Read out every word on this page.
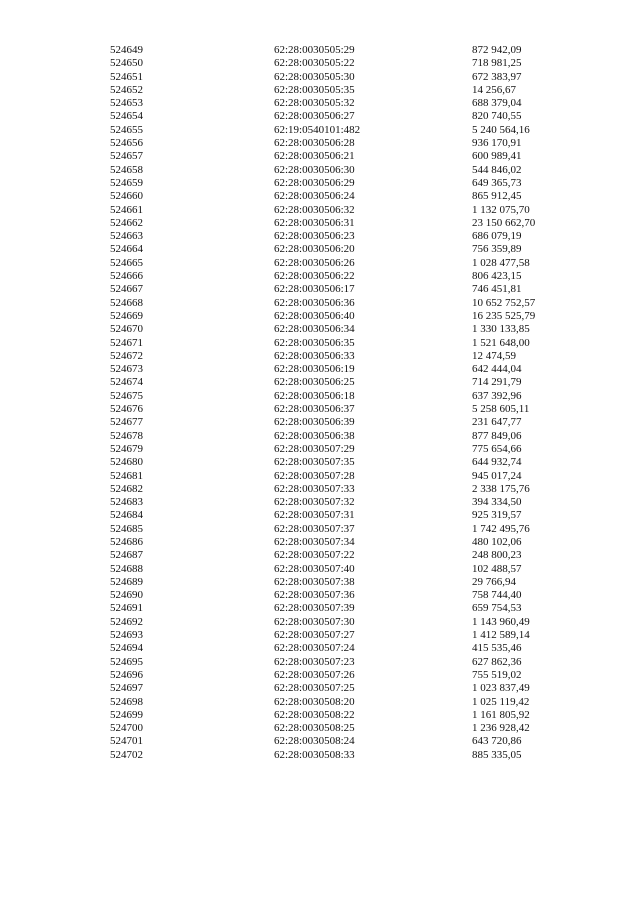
524649	62:28:0030505:29	872 942,09
524650	62:28:0030505:22	718 981,25
524651	62:28:0030505:30	672 383,97
524652	62:28:0030505:35	14 256,67
524653	62:28:0030505:32	688 379,04
524654	62:28:0030506:27	820 740,55
524655	62:19:0540101:482	5 240 564,16
524656	62:28:0030506:28	936 170,91
524657	62:28:0030506:21	600 989,41
524658	62:28:0030506:30	544 846,02
524659	62:28:0030506:29	649 365,73
524660	62:28:0030506:24	865 912,45
524661	62:28:0030506:32	1 132 075,70
524662	62:28:0030506:31	23 150 662,70
524663	62:28:0030506:23	686 079,19
524664	62:28:0030506:20	756 359,89
524665	62:28:0030506:26	1 028 477,58
524666	62:28:0030506:22	806 423,15
524667	62:28:0030506:17	746 451,81
524668	62:28:0030506:36	10 652 752,57
524669	62:28:0030506:40	16 235 525,79
524670	62:28:0030506:34	1 330 133,85
524671	62:28:0030506:35	1 521 648,00
524672	62:28:0030506:33	12 474,59
524673	62:28:0030506:19	642 444,04
524674	62:28:0030506:25	714 291,79
524675	62:28:0030506:18	637 392,96
524676	62:28:0030506:37	5 258 605,11
524677	62:28:0030506:39	231 647,77
524678	62:28:0030506:38	877 849,06
524679	62:28:0030507:29	775 654,66
524680	62:28:0030507:35	644 932,74
524681	62:28:0030507:28	945 017,24
524682	62:28:0030507:33	2 338 175,76
524683	62:28:0030507:32	394 334,50
524684	62:28:0030507:31	925 319,57
524685	62:28:0030507:37	1 742 495,76
524686	62:28:0030507:34	480 102,06
524687	62:28:0030507:22	248 800,23
524688	62:28:0030507:40	102 488,57
524689	62:28:0030507:38	29 766,94
524690	62:28:0030507:36	758 744,40
524691	62:28:0030507:39	659 754,53
524692	62:28:0030507:30	1 143 960,49
524693	62:28:0030507:27	1 412 589,14
524694	62:28:0030507:24	415 535,46
524695	62:28:0030507:23	627 862,36
524696	62:28:0030507:26	755 519,02
524697	62:28:0030507:25	1 023 837,49
524698	62:28:0030508:20	1 025 119,42
524699	62:28:0030508:22	1 161 805,92
524700	62:28:0030508:25	1 236 928,42
524701	62:28:0030508:24	643 720,86
524702	62:28:0030508:33	885 335,05
